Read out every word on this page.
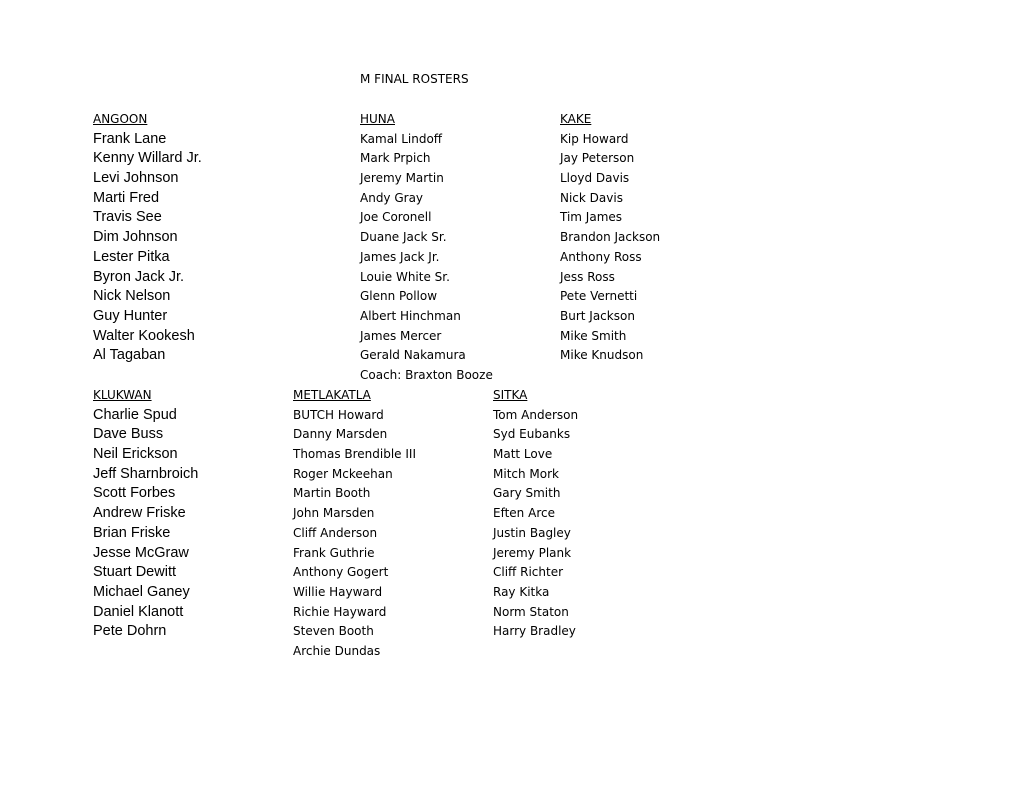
M FINAL ROSTERS
ANGOON
Frank Lane
Kenny Willard Jr.
Levi Johnson
Marti Fred
Travis See
Dim Johnson
Lester Pitka
Byron Jack Jr.
Nick Nelson
Guy Hunter
Walter Kookesh
Al Tagaban
HUNA
Kamal Lindoff
Mark Prpich
Jeremy Martin
Andy Gray
Joe Coronell
Duane Jack Sr.
James Jack Jr.
Louie White Sr.
Glenn Pollow
Albert Hinchman
James Mercer
Gerald Nakamura
Coach: Braxton Booze
KAKE
Kip Howard
Jay Peterson
Lloyd Davis
Nick Davis
Tim James
Brandon Jackson
Anthony Ross
Jess Ross
Pete Vernetti
Burt Jackson
Mike Smith
Mike Knudson
KLUKWAN
Charlie Spud
Dave Buss
Neil Erickson
Jeff Sharnbroich
Scott Forbes
Andrew Friske
Brian Friske
Jesse McGraw
Stuart Dewitt
Michael Ganey
Daniel Klanott
Pete Dohrn
METLAKATLA
BUTCH Howard
Danny Marsden
Thomas Brendible III
Roger Mckeehan
Martin Booth
John Marsden
Cliff Anderson
Frank Guthrie
Anthony Gogert
Willie Hayward
Richie Hayward
Steven Booth
Archie Dundas
SITKA
Tom Anderson
Syd Eubanks
Matt Love
Mitch Mork
Gary Smith
Eften Arce
Justin Bagley
Jeremy Plank
Cliff Richter
Ray Kitka
Norm Staton
Harry Bradley
